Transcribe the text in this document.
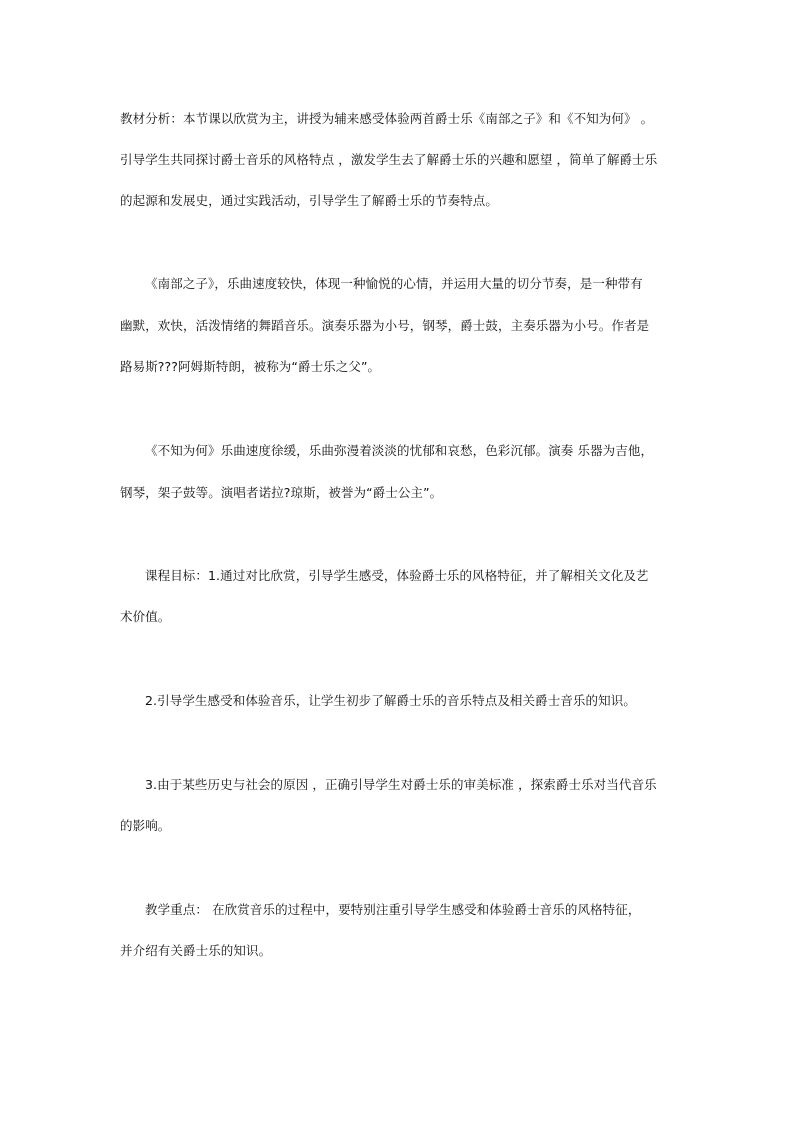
教材分析：本节课以欣赏为主，讲授为辅来感受体验两首爵士乐《南部之子》和《不知为何》 。
引导学生共同探讨爵士音乐的风格特点 ，激发学生去了解爵士乐的兴趣和愿望 ，简单了解爵士乐
的起源和发展史，通过实践活动，引导学生了解爵士乐的节奏特点。
《南部之子》，乐曲速度较快，体现一种愉悦的心情，并运用大量的切分节奏，是一种带有
幽默，欢快，活泼情绪的舞蹈音乐。演奏乐器为小号，钢琴，爵士鼓，主奏乐器为小号。作者是
路易斯???阿姆斯特朗，被称为“爵士乐之父”。
《不知为何》乐曲速度徐缓，乐曲弥漫着淡淡的忧郁和哀愁，色彩沉郁。演奏 乐器为吉他，
钢琴，架子鼓等。演唱者诺拉?琼斯，被誉为“爵士公主”。
课程目标：1.通过对比欣赏，引导学生感受，体验爵士乐的风格特征，并了解相关文化及艺
术价值。
2.引导学生感受和体验音乐，让学生初步了解爵士乐的音乐特点及相关爵士音乐的知识。
3.由于某些历史与社会的原因 ，正确引导学生对爵士乐的审美标准 ，探索爵士乐对当代音乐
的影响。
教学重点： 在欣赏音乐的过程中，要特别注重引导学生感受和体验爵士音乐的风格特征，
并介绍有关爵士乐的知识。
